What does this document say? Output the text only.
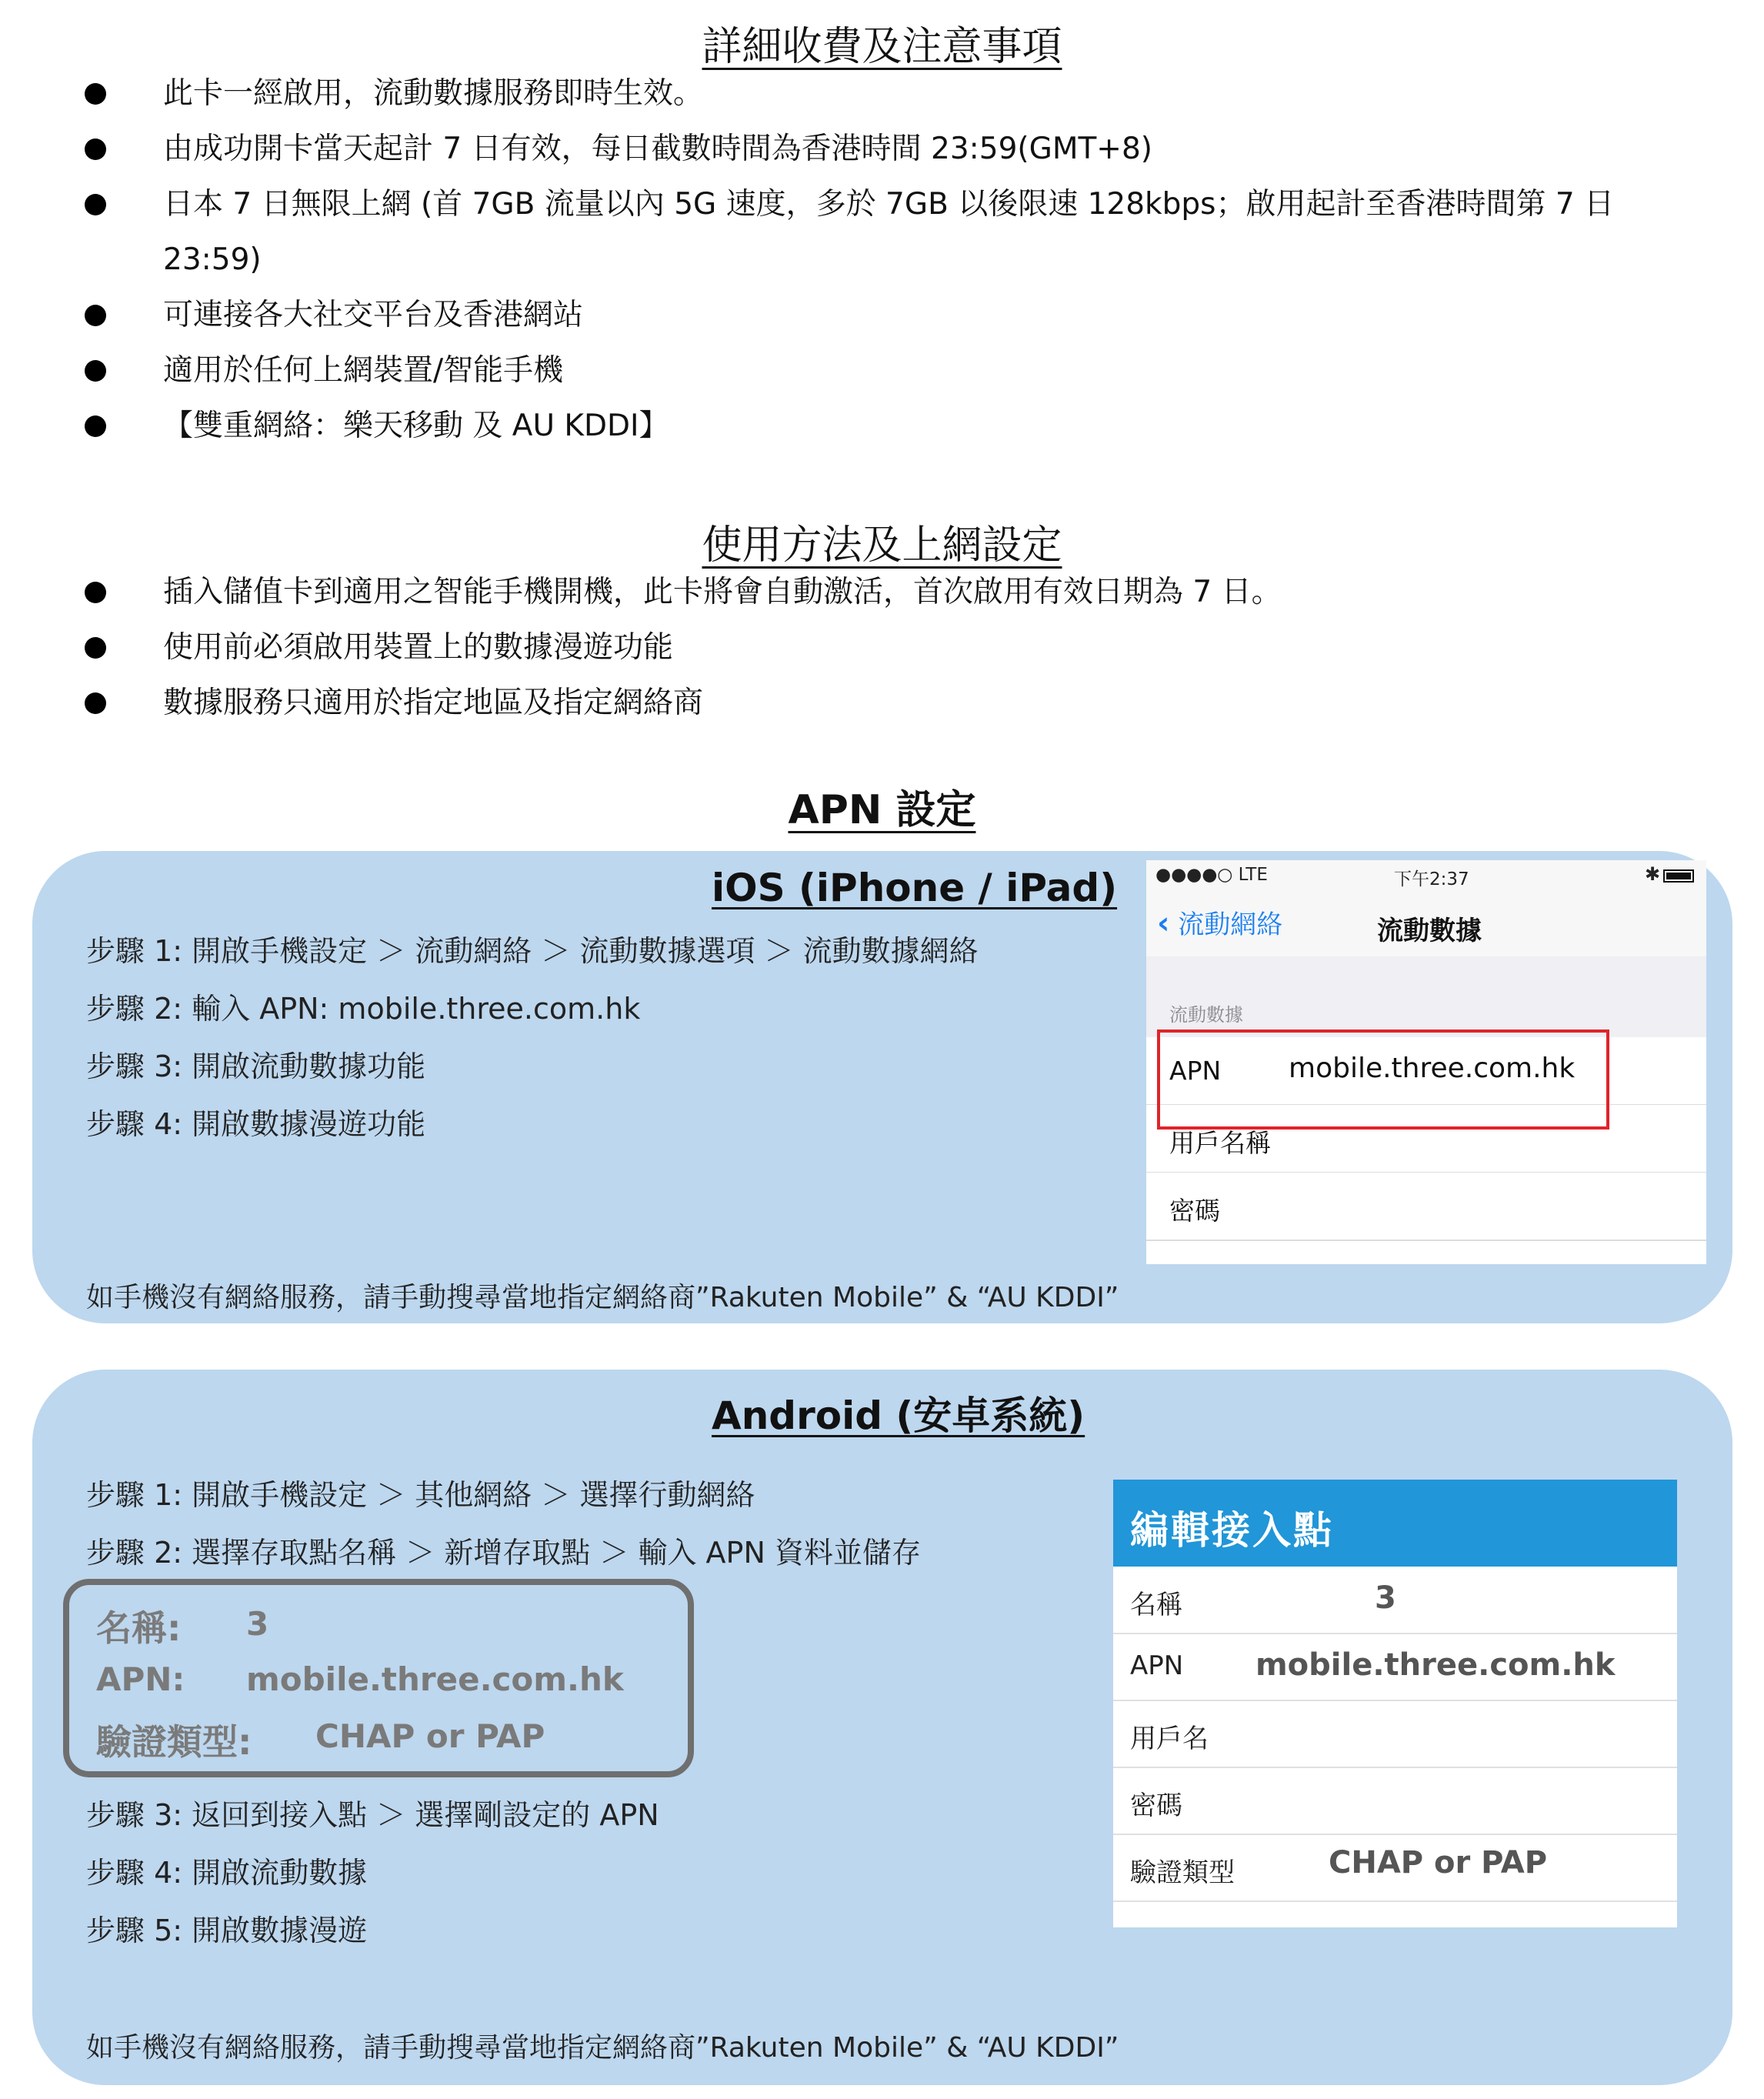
詳細收費及注意事項
此卡一經啟用，流動數據服務即時生效。
由成功開卡當天起計 7 日有效，每日截數時間為香港時間 23:59(GMT+8)
日本 7 日無限上網 (首 7GB 流量以內 5G 速度，多於 7GB 以後限速 128kbps；啟用起計至香港時間第 7 日
23:59)
可連接各大社交平台及香港網站
適用於任何上網裝置/智能手機
【雙重網絡：樂天移動 及 AU KDDI】
使用方法及上網設定
插入儲值卡到適用之智能手機開機，此卡將會自動激活，首次啟用有效日期為 7 日。
使用前必須啟用裝置上的數據漫遊功能
數據服務只適用於指定地區及指定網絡商
APN 設定
iOS (iPhone / iPad)
步驟 1: 開啟手機設定 ＞ 流動網絡 ＞ 流動數據選項 ＞ 流動數據網絡
步驟 2: 輸入 APN: mobile.three.com.hk
步驟 3: 開啟流動數據功能
步驟 4: 開啟數據漫遊功能
如手機沒有網絡服務，請手動搜尋當地指定網絡商”Rakuten Mobile” & “AU KDDI”
●●●●○ LTE	下午2:37	✱
‹ 流動網絡	流動數據
流動數據
APN mobile.three.com.hk
用戶名稱
密碼
Android (安卓系統)
步驟 1: 開啟手機設定 ＞ 其他網絡 ＞ 選擇行動網絡
步驟 2: 選擇存取點名稱 ＞ 新增存取點 ＞ 輸入 APN 資料並儲存
名稱: 3
APN: mobile.three.com.hk
驗證類型: CHAP or PAP
步驟 3: 返回到接入點 ＞ 選擇剛設定的 APN
步驟 4: 開啟流動數據
步驟 5: 開啟數據漫遊
如手機沒有網絡服務，請手動搜尋當地指定網絡商”Rakuten Mobile” & “AU KDDI”
編輯接入點
名稱	3
APN mobile.three.com.hk
用戶名
密碼
驗證類型	CHAP or PAP
